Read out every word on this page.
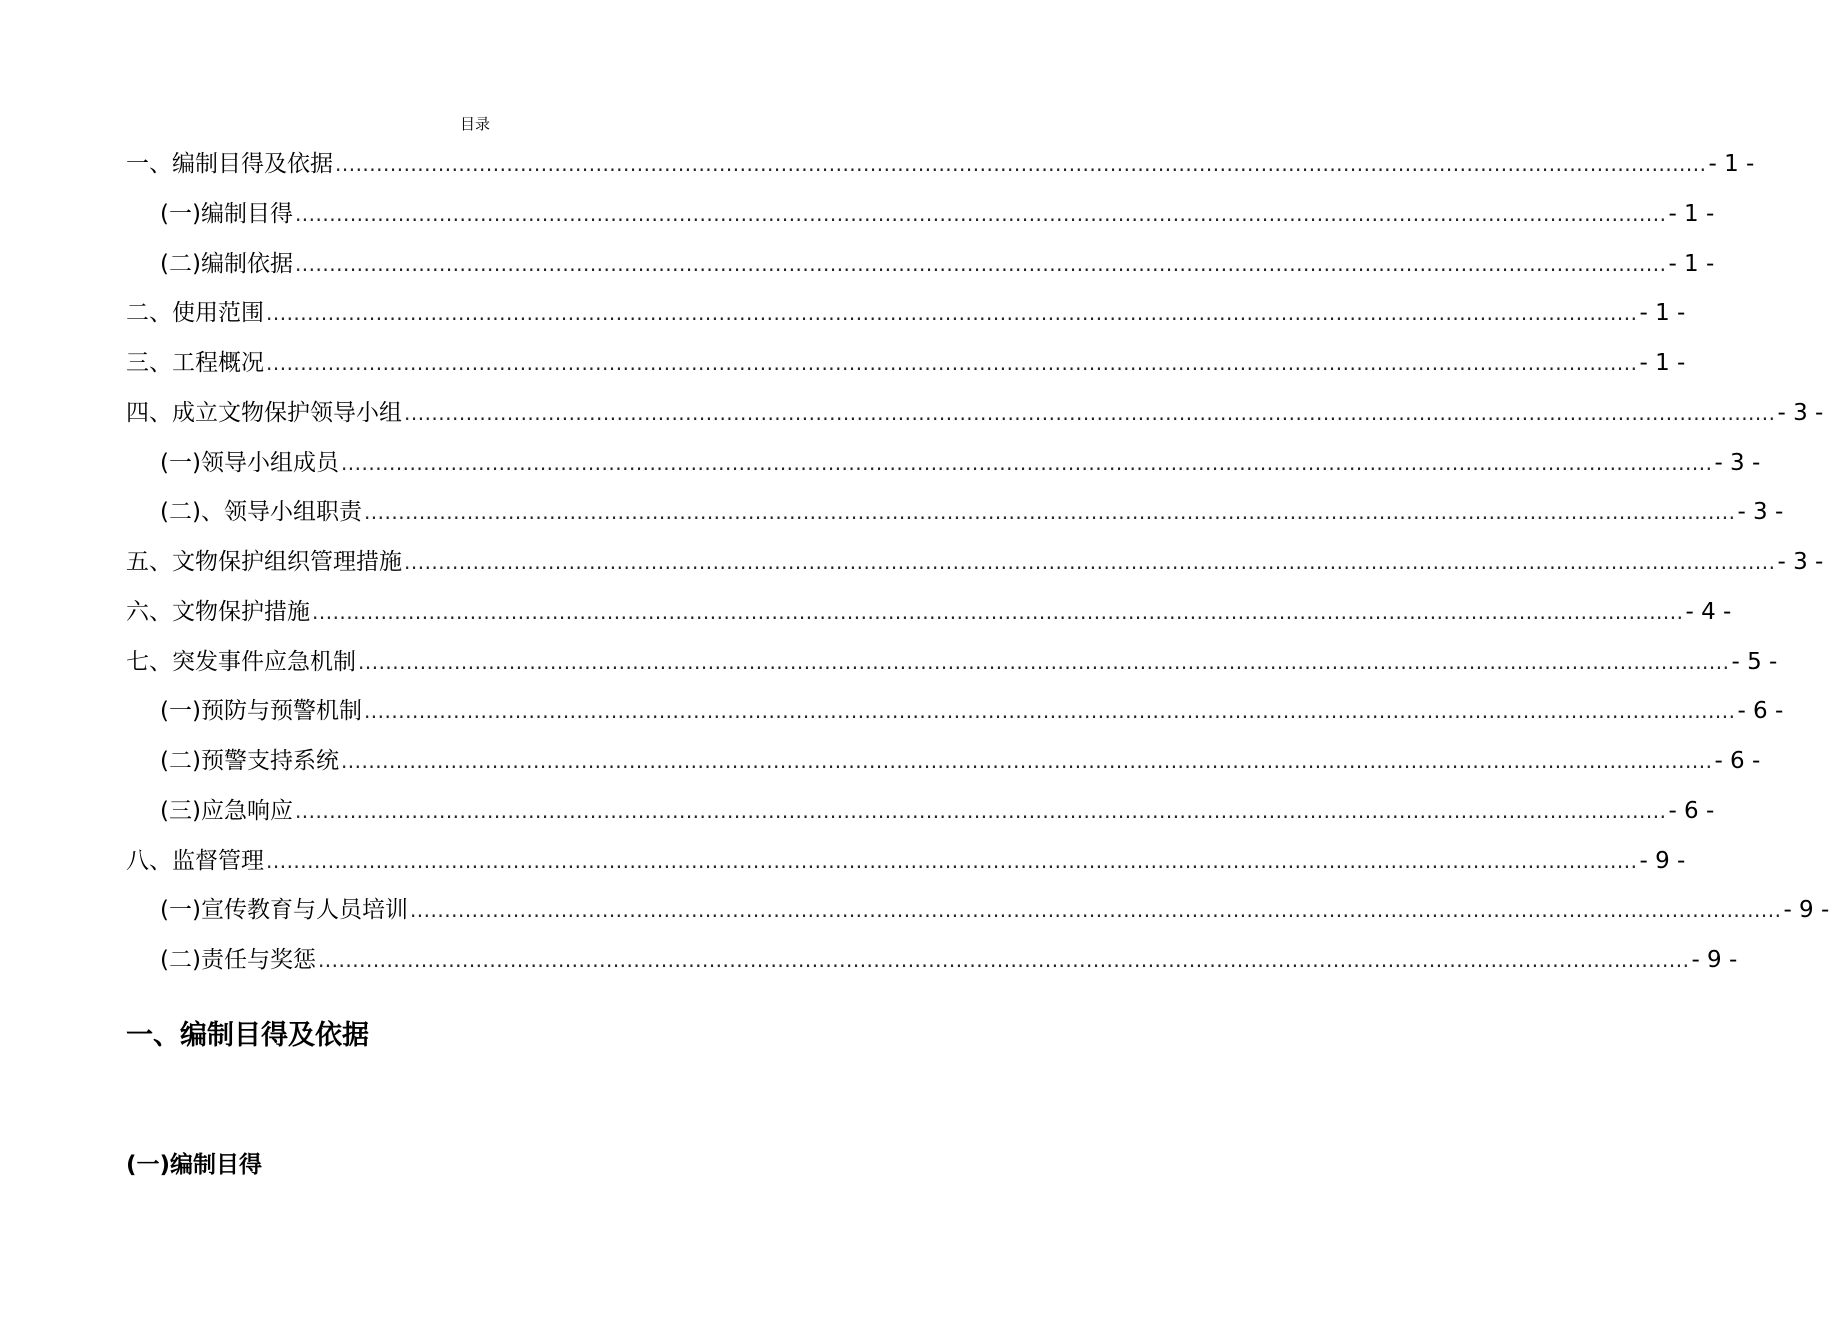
目录
一、编制目得及依据 ........................................................................................................................................................................................................ - 1 -
(一)编制目得 ........................................................................................................................................................................................................ - 1 -
(二)编制依据 ........................................................................................................................................................................................................ - 1 -
二、使用范围 ........................................................................................................................................................................................................ - 1 -
三、工程概况 ........................................................................................................................................................................................................ - 1 -
四、成立文物保护领导小组 ........................................................................................................................................................................................................ - 3 -
(一)领导小组成员 ........................................................................................................................................................................................................ - 3 -
(二)、领导小组职责 ........................................................................................................................................................................................................ - 3 -
五、文物保护组织管理措施 ........................................................................................................................................................................................................ - 3 -
六、文物保护措施 ........................................................................................................................................................................................................ - 4 -
七、突发事件应急机制 ........................................................................................................................................................................................................ - 5 -
(一)预防与预警机制 ........................................................................................................................................................................................................ - 6 -
(二)预警支持系统 ........................................................................................................................................................................................................ - 6 -
(三)应急响应 ........................................................................................................................................................................................................ - 6 -
八、监督管理 ........................................................................................................................................................................................................ - 9 -
(一)宣传教育与人员培训 ........................................................................................................................................................................................................ - 9 -
(二)责任与奖惩 ........................................................................................................................................................................................................ - 9 -
一、编制目得及依据
(一)编制目得
